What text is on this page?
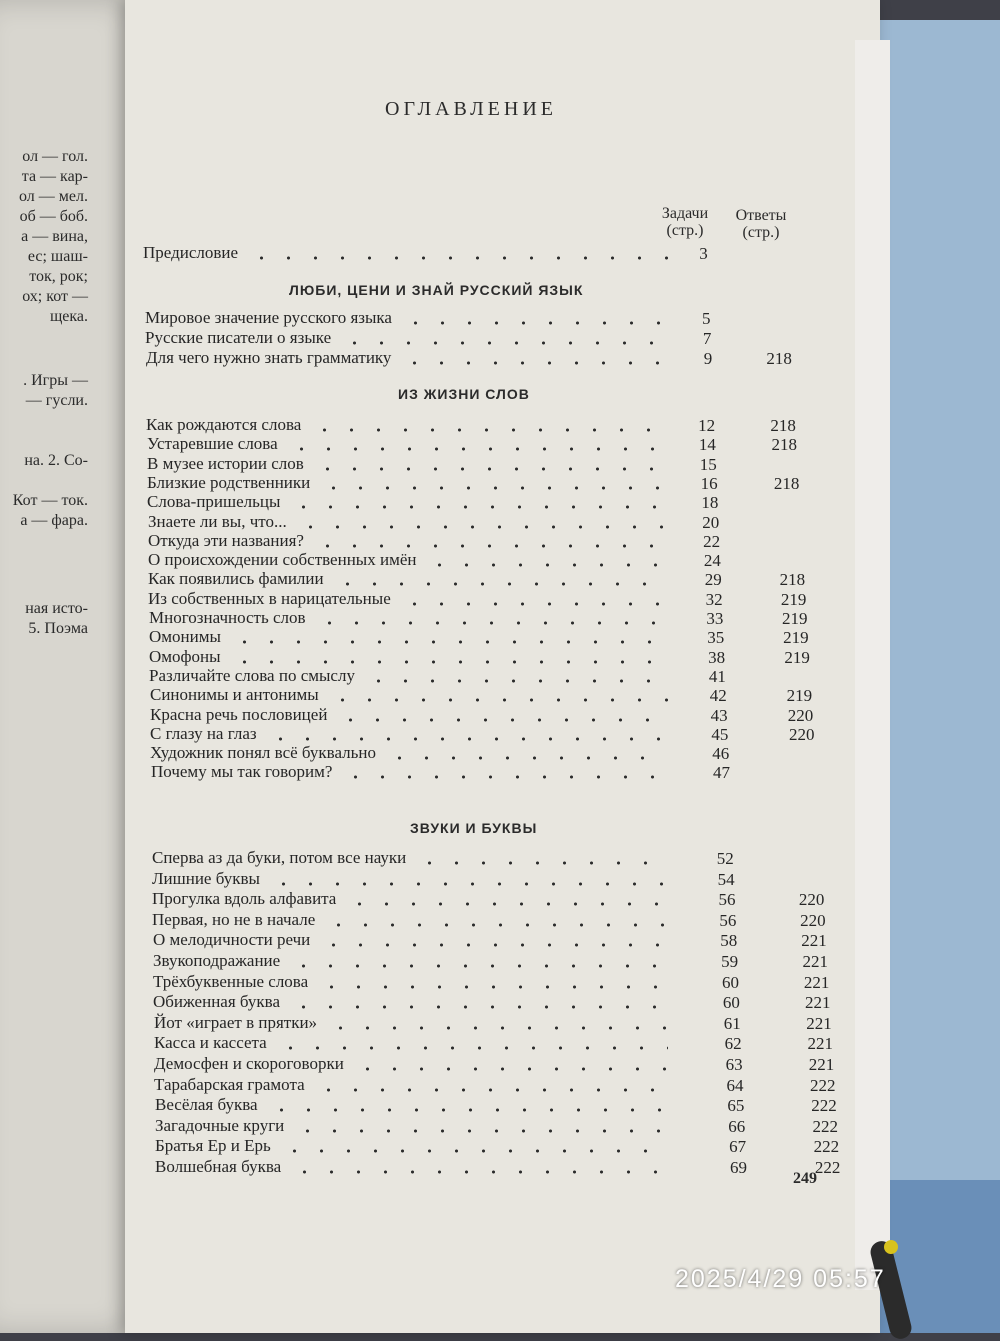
ол — гол.
та — кар-
ол — мел.
об — боб.
а — вина,
ес; шаш-
ток, рок;
ох; кот —
щека.
. Игры —
— гусли.
на. 2. Со-
Кот — ток.
а — фара.
ная исто-
5. Поэма
ОГЛАВЛЕНИЕ
Задачи
(стр.)
Ответы
(стр.)
Предисловие	3
ЛЮБИ, ЦЕНИ И ЗНАЙ РУССКИЙ ЯЗЫК
Мировое значение русского языка	5
Русские писатели о языке	7
Для чего нужно знать грамматику	9	218
ИЗ ЖИЗНИ СЛОВ
Как рождаются слова	12	218
Устаревшие слова	14	218
В музее истории слов	15
Близкие родственники	16	218
Слова-пришельцы	18
Знаете ли вы, что...	20
Откуда эти названия?	22
О происхождении собственных имён	24
Как появились фамилии	29	218
Из собственных в нарицательные	32	219
Многозначность слов	33	219
Омонимы	35	219
Омофоны	38	219
Различайте слова по смыслу	41
Синонимы и антонимы	42	219
Красна речь пословицей	43	220
С глазу на глаз	45	220
Художник понял всё буквально	46
Почему мы так говорим?	47
ЗВУКИ И БУКВЫ
Сперва аз да буки, потом все науки	52
Лишние буквы	54
Прогулка вдоль алфавита	56	220
Первая, но не в начале	56	220
О мелодичности речи	58	221
Звукоподражание	59	221
Трёхбуквенные слова	60	221
Обиженная буква	60	221
Йот «играет в прятки»	61	221
Касса и кассета	62	221
Демосфен и скороговорки	63	221
Тарабарская грамота	64	222
Весёлая буква	65	222
Загадочные круги	66	222
Братья Ер и Ерь	67	222
Волшебная буква	69	222
249
2025/4/29 05:57
